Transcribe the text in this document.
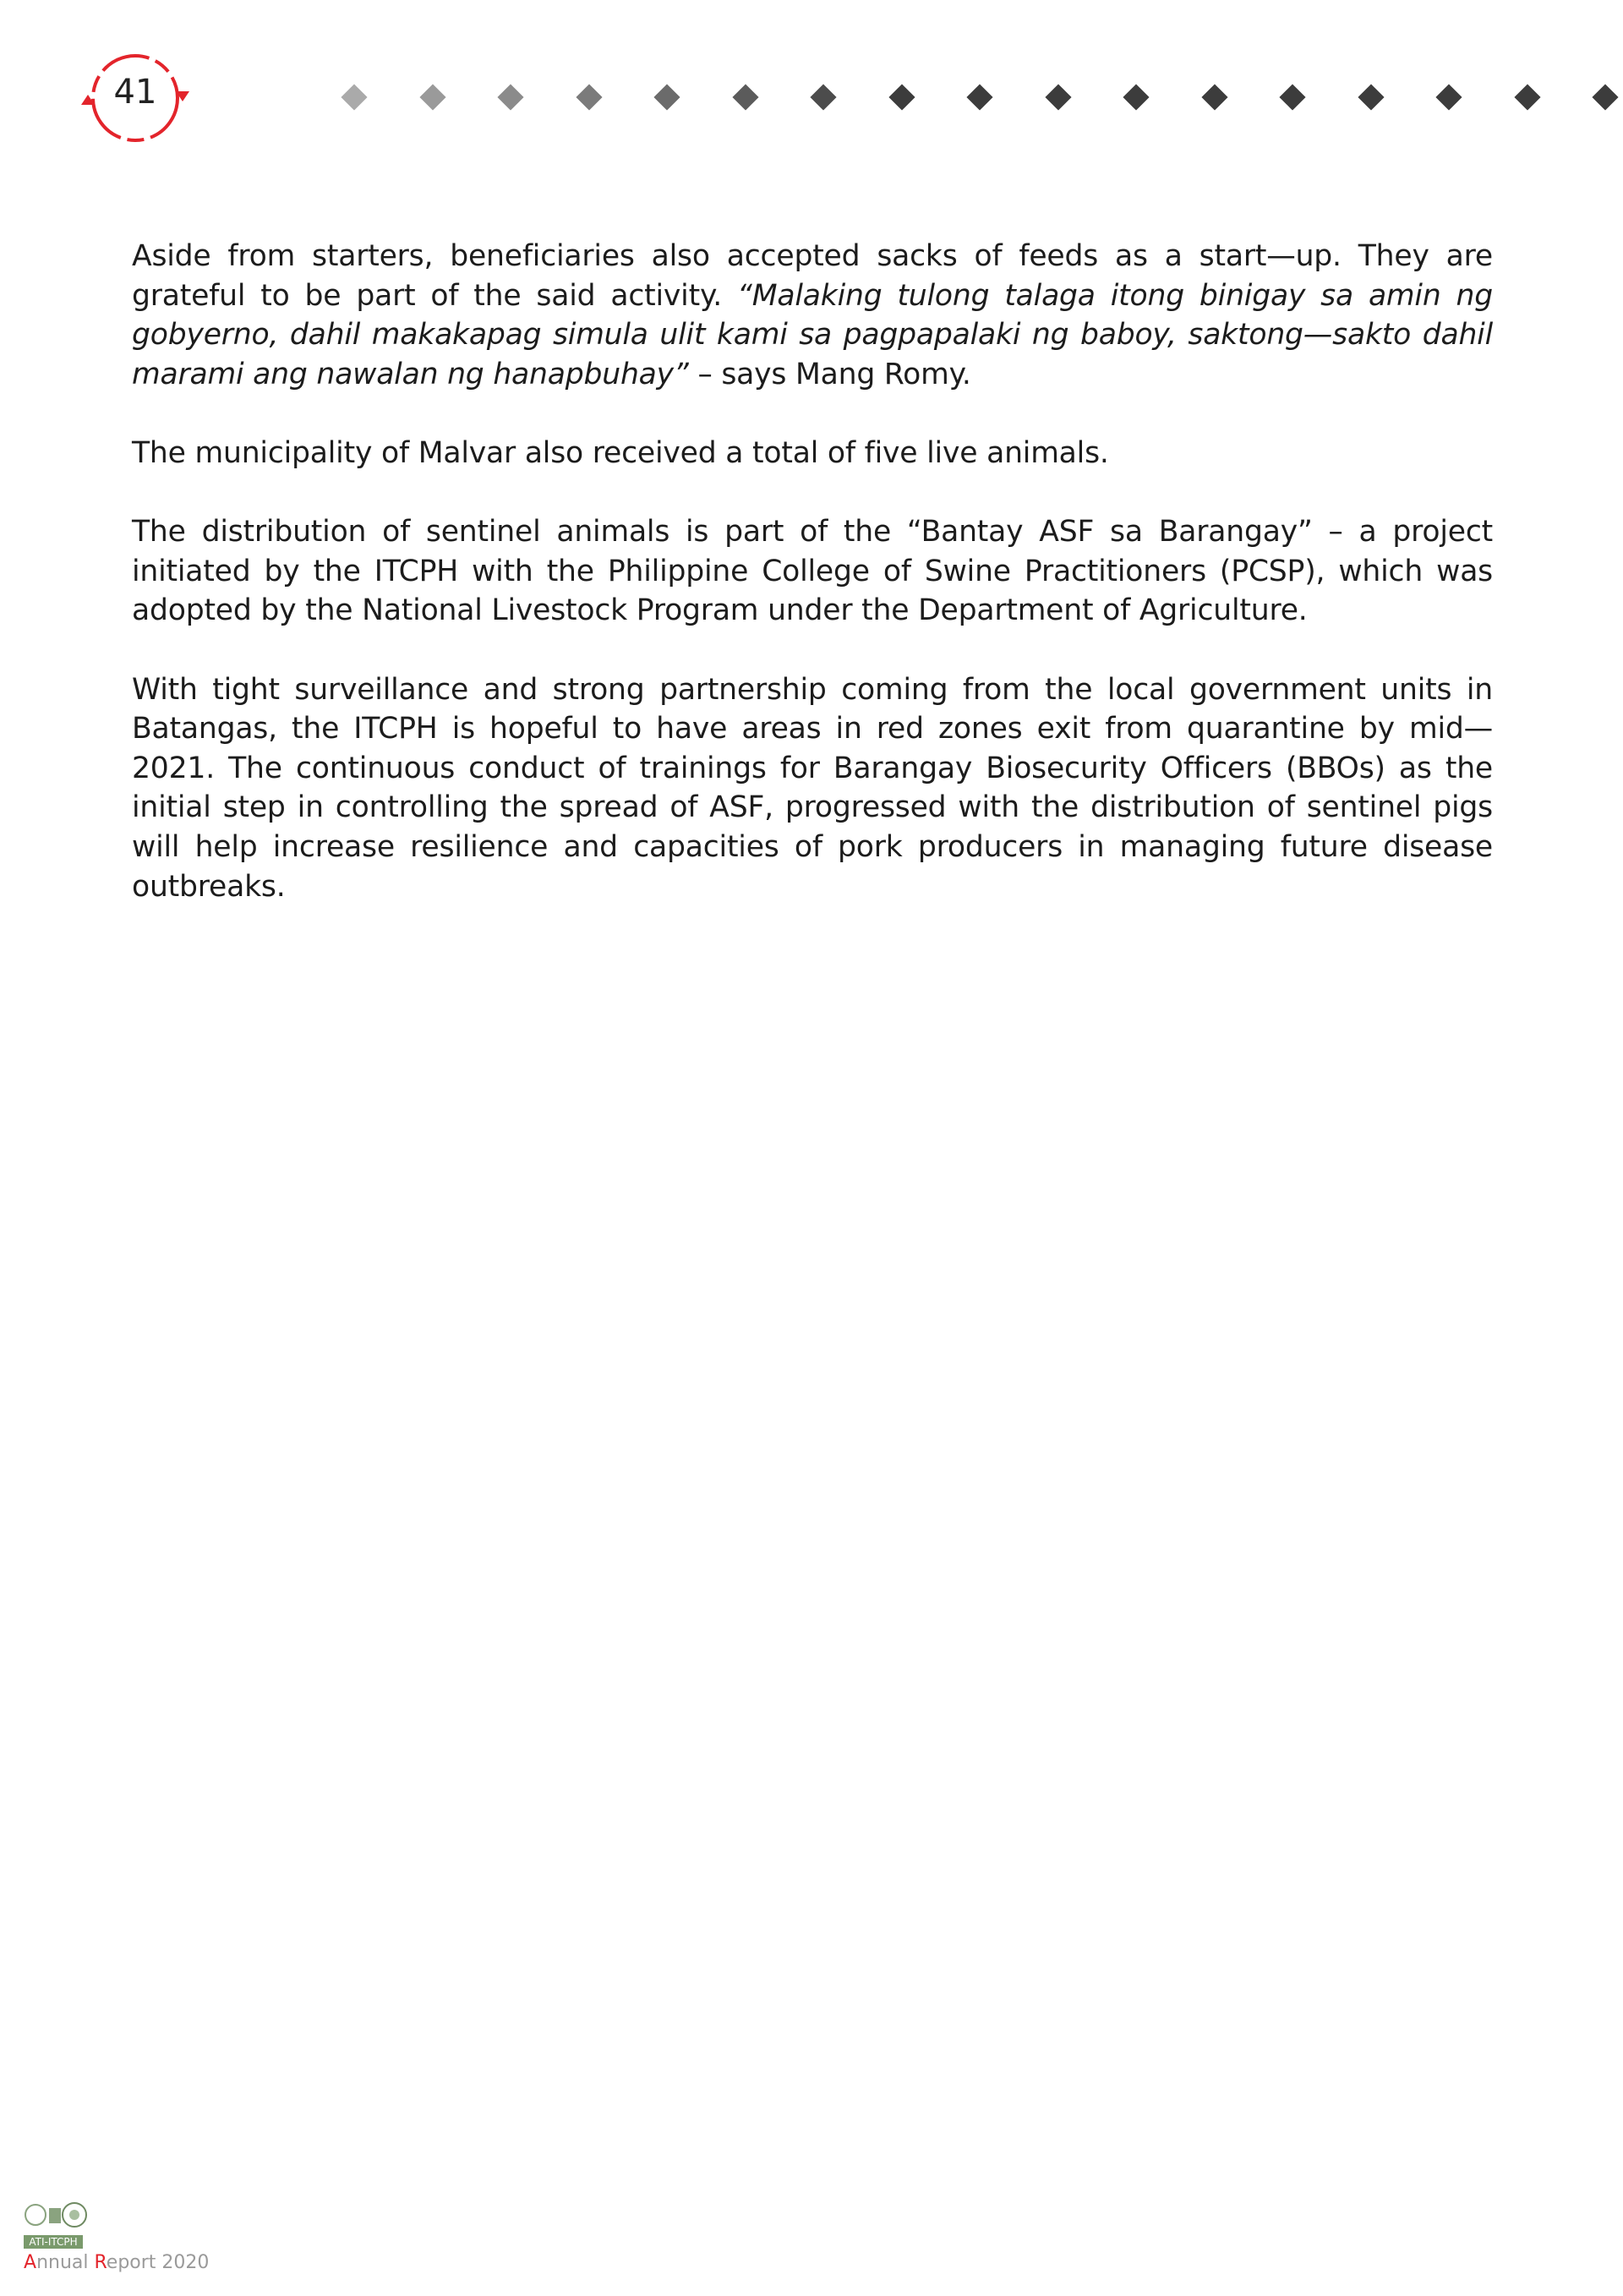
41

Aside from starters, beneficiaries also accepted sacks of feeds as a start—up. They are grateful to be part of the said activity. “Malaking tulong talaga itong binigay sa amin ng gobyerno, dahil makakapag simula ulit kami sa pagpapalaki ng baboy, saktong—sakto dahil marami ang nawalan ng hanapbuhay” – says Mang Romy.

The municipality of Malvar also received a total of five live animals.

The distribution of sentinel animals is part of the “Bantay ASF sa Barangay” – a project initiated by the ITCPH with the Philippine College of Swine Practitioners (PCSP), which was adopted by the National Livestock Program under the Department of Agriculture.

With tight surveillance and strong partnership coming from the local government units in Batangas, the ITCPH is hopeful to have areas in red zones exit from quarantine by mid—2021. The continuous conduct of trainings for Barangay Biosecurity Officers (BBOs) as the initial step in controlling the spread of ASF, progressed with the distribution of sentinel pigs will help increase resilience and capacities of pork producers in managing future disease outbreaks.

ATI-ITCPH
Annual Report 2020
